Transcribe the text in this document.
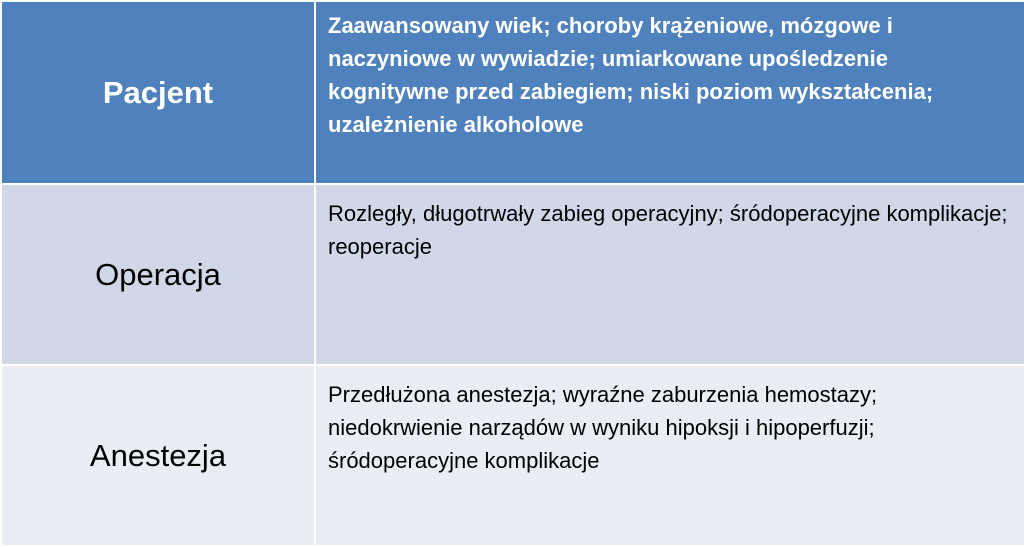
Pacjent	Zaawansowany wiek; choroby krążeniowe, mózgowe i naczyniowe w wywiadzie; umiarkowane upośledzenie kognitywne przed zabiegiem; niski poziom wykształcenia; uzależnienie alkoholowe

Operacja	Rozległy, długotrwały zabieg operacyjny; śródoperacyjne komplikacje; reoperacje

Anestezja	Przedłużona anestezja; wyraźne zaburzenia hemostazy; niedokrwienie narządów w wyniku hipoksji i hipoperfuzji; śródoperacyjne komplikacje
